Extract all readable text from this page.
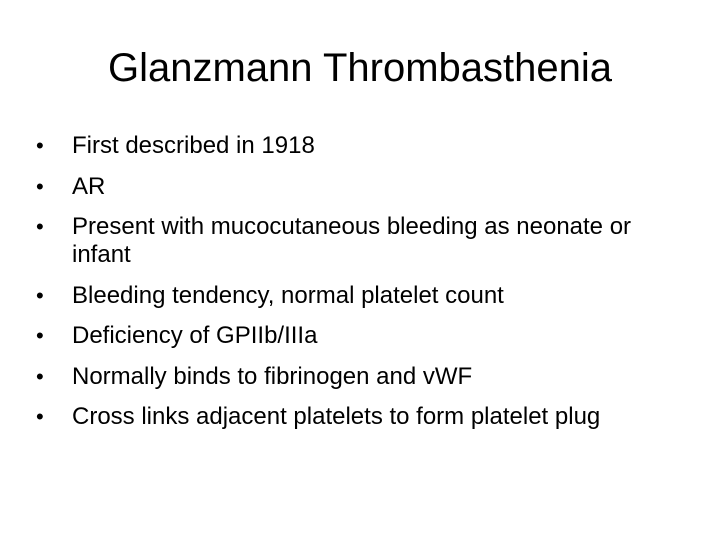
Glanzmann Thrombasthenia
•	First described in 1918
•	AR
•	Present with mucocutaneous bleeding as neonate or infant
•	Bleeding tendency, normal platelet count
•	Deficiency of GPIIb/IIIa
•	Normally binds to fibrinogen and vWF
•	Cross links adjacent platelets to form platelet plug
